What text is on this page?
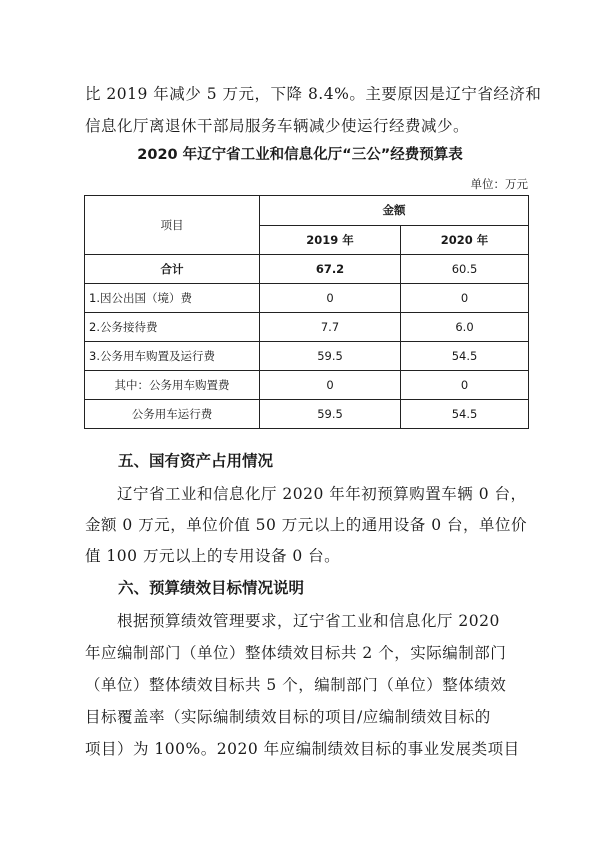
比 2019 年减少 5 万元，下降 8.4%。主要原因是辽宁省经济和
信息化厅离退休干部局服务车辆减少使运行经费减少。
2020 年辽宁省工业和信息化厅“三公”经费预算表
单位：万元
项目	金额	
	2019 年	2020 年
合计	67.2	60.5
1.因公出国（境）费	0	0
2.公务接待费	7.7	6.0
3.公务用车购置及运行费	59.5	54.5
其中：公务用车购置费	0	0
公务用车运行费	59.5	54.5
五、国有资产占用情况
辽宁省工业和信息化厅 2020 年年初预算购置车辆 0 台，
金额 0 万元，单位价值 50 万元以上的通用设备 0 台，单位价
值 100 万元以上的专用设备 0 台。
六、预算绩效目标情况说明
根据预算绩效管理要求，辽宁省工业和信息化厅 2020
年应编制部门（单位）整体绩效目标共 2 个，实际编制部门
（单位）整体绩效目标共 5 个，编制部门（单位）整体绩效
目标覆盖率（实际编制绩效目标的项目/应编制绩效目标的
项目）为 100%。2020 年应编制绩效目标的事业发展类项目
